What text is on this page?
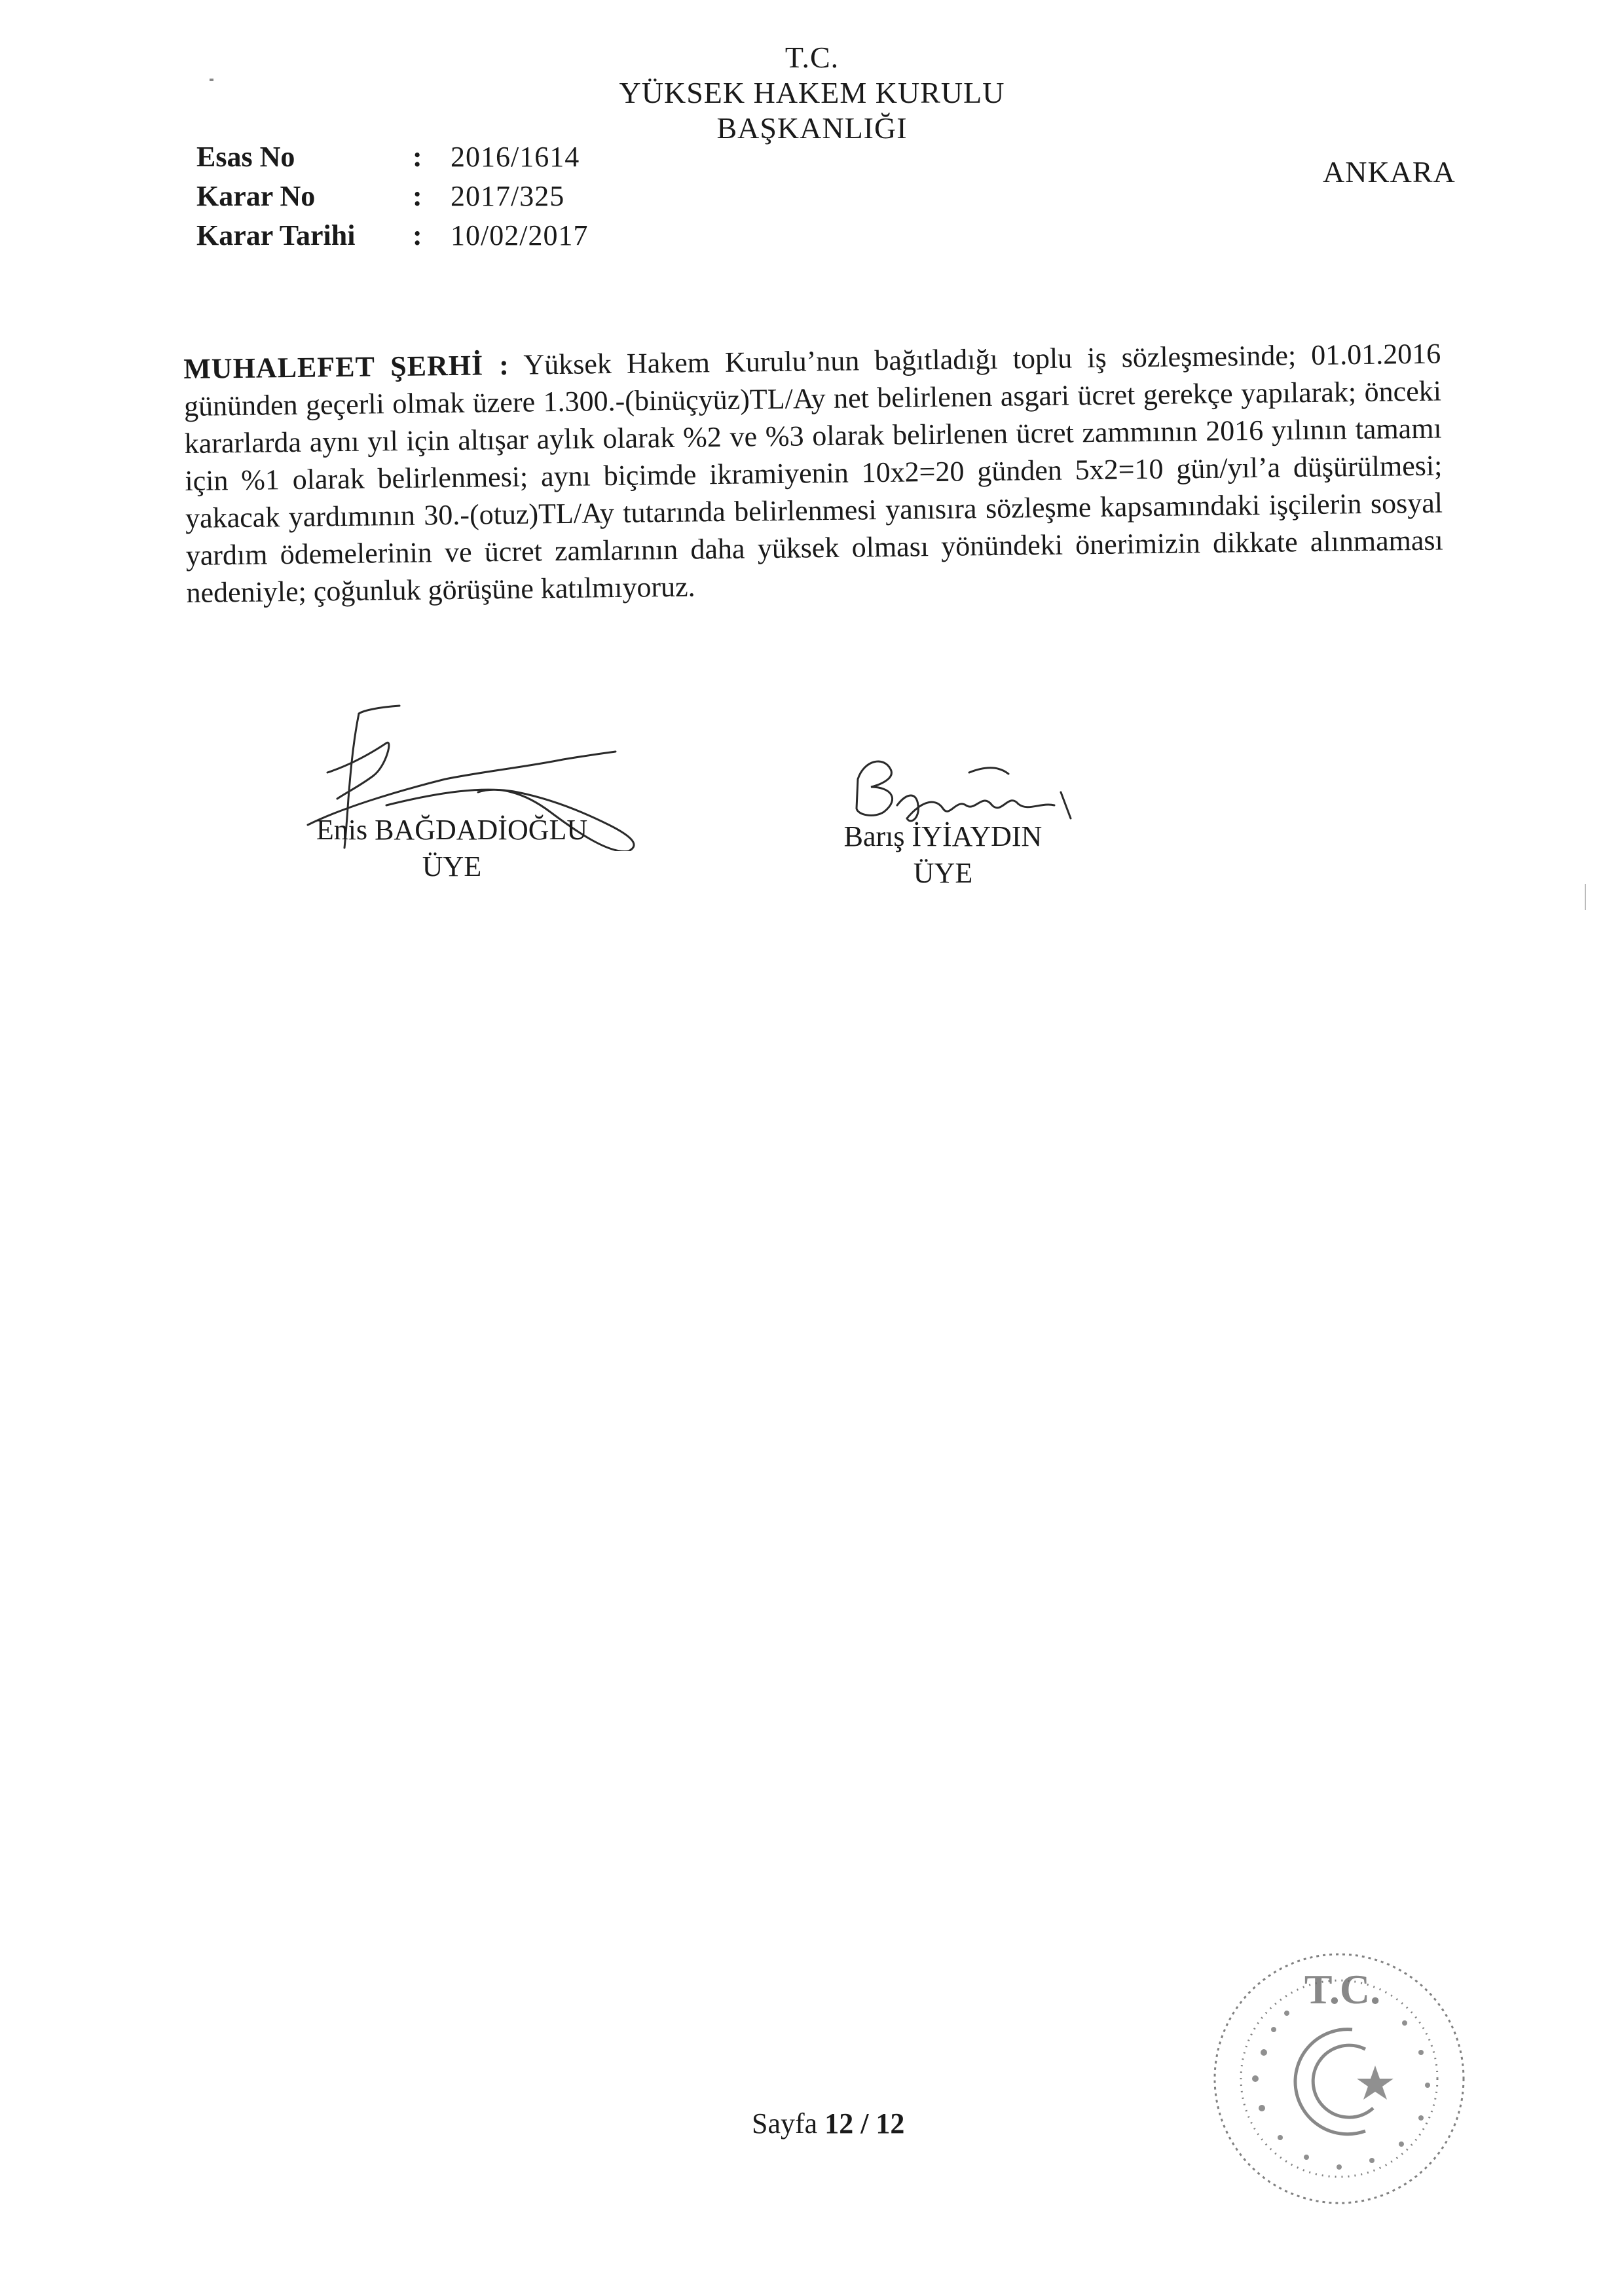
T.C.
YÜKSEK HAKEM KURULU
BAŞKANLIĞI
ANKARA
Esas No	: 2016/1614
Karar No	: 2017/325
Karar Tarihi	: 10/02/2017
MUHALEFET ŞERHİ : Yüksek Hakem Kurulu’nun bağıtladığı toplu iş sözleşmesinde; 01.01.2016 gününden geçerli olmak üzere 1.300.-(binüçyüz)TL/Ay net belirlenen asgari ücret gerekçe yapılarak; önceki kararlarda aynı yıl için altışar aylık olarak %2 ve %3 olarak belirlenen ücret zammının 2016 yılının tamamı için %1 olarak belirlenmesi; aynı biçimde ikramiyenin 10x2=20 günden 5x2=10 gün/yıl’a düşürülmesi; yakacak yardımının 30.-(otuz)TL/Ay tutarında belirlenmesi yanısıra sözleşme kapsamındaki işçilerin sosyal yardım ödemelerinin ve ücret zamlarının daha yüksek olması yönündeki önerimizin dikkate alınmaması nedeniyle; çoğunluk görüşüne katılmıyoruz.
Enis BAĞDADİOĞLU
ÜYE
Barış İYİAYDIN
ÜYE
Sayfa 12 / 12
T.C.
